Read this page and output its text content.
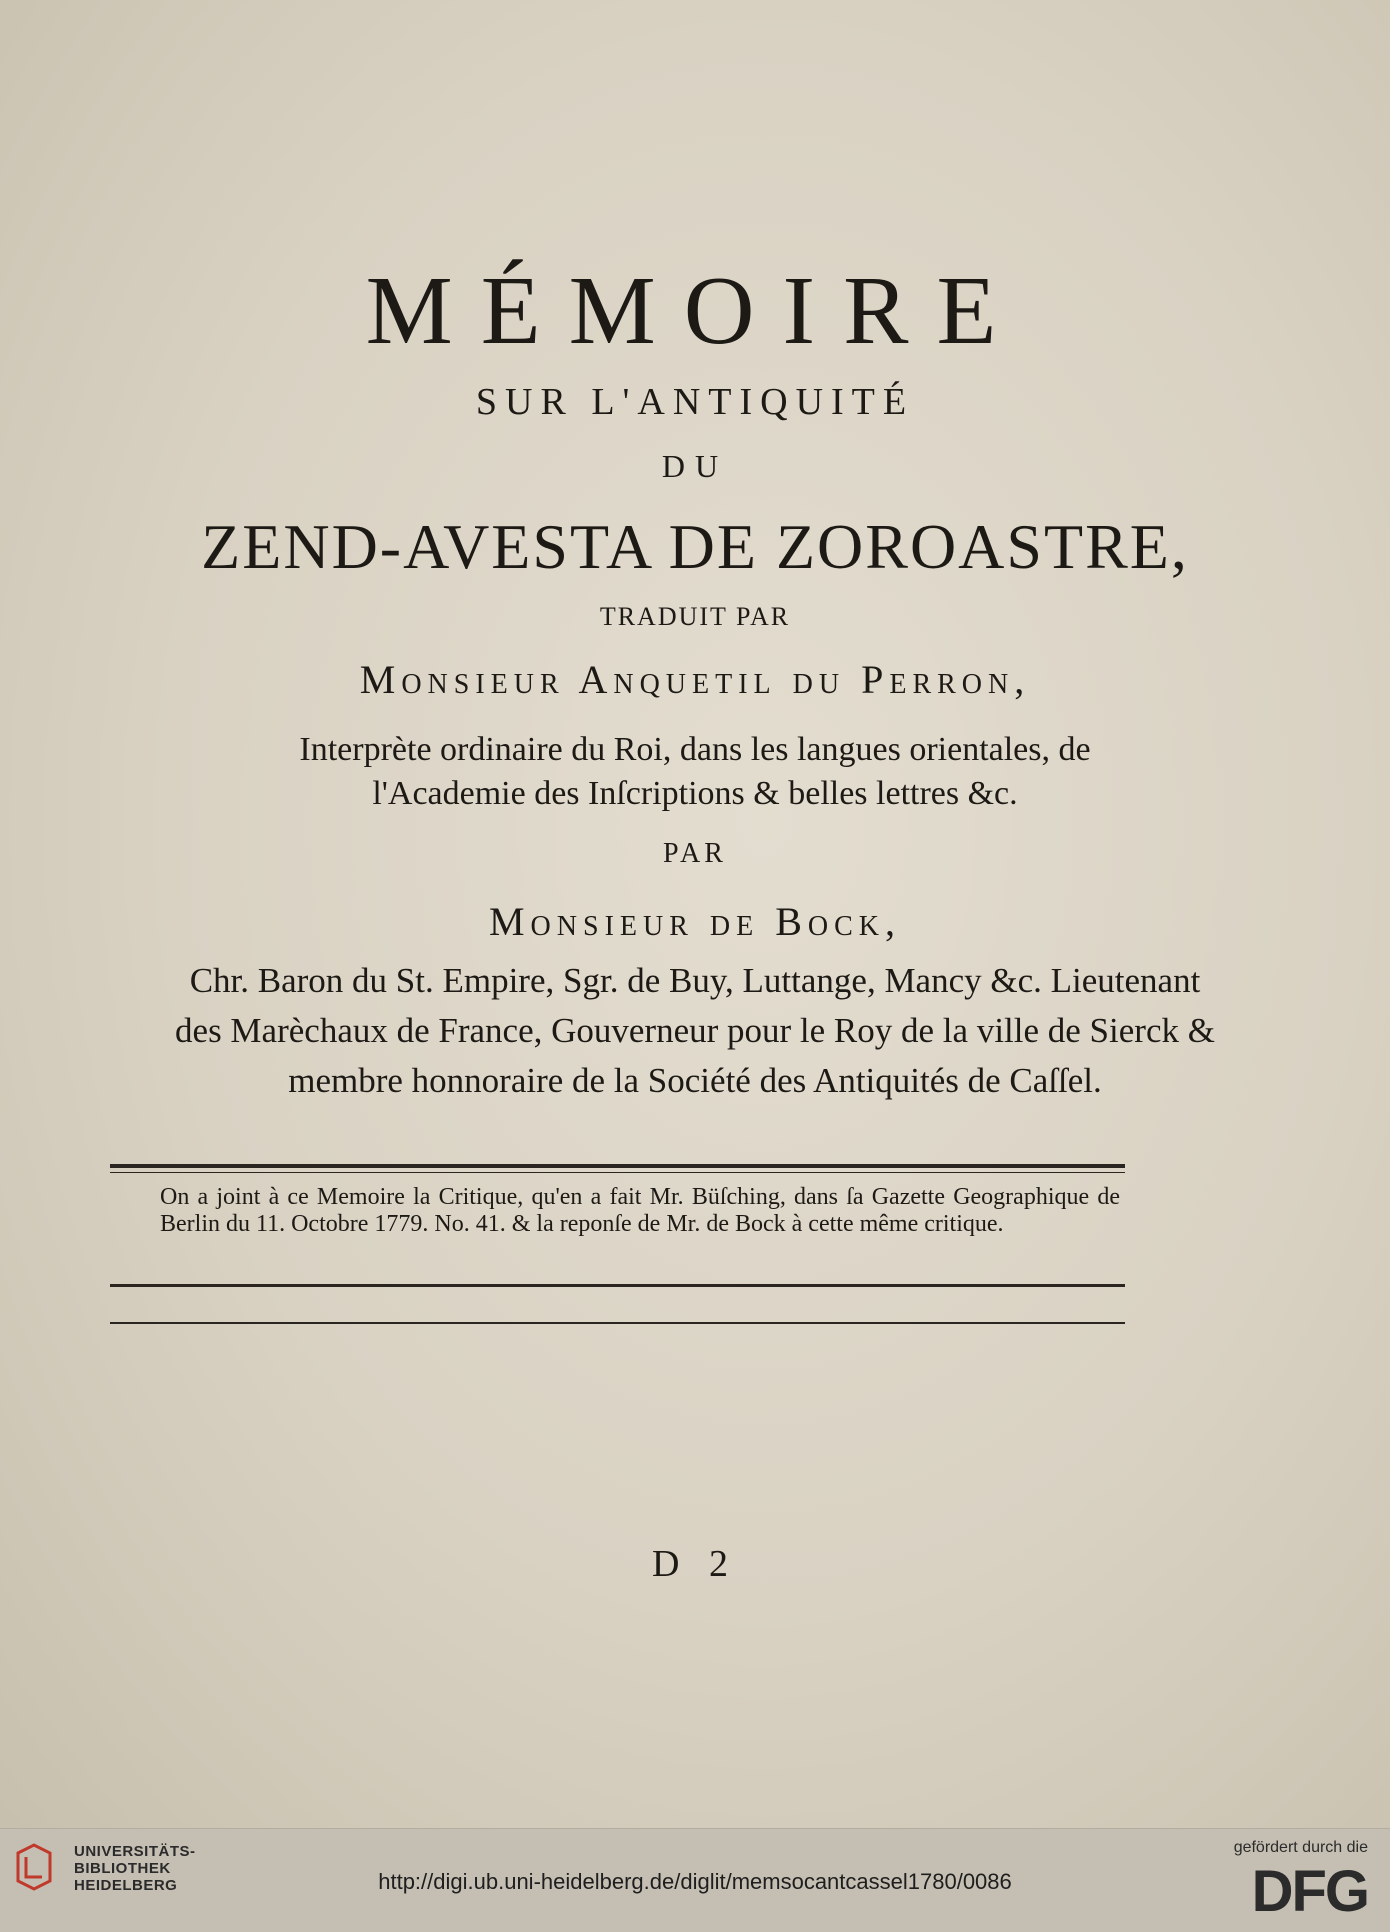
MÉMOIRE
SUR L'ANTIQUITÉ
DU
ZEND-AVESTA DE ZOROASTRE,
TRADUIT PAR
Monsieur Anquetil du Perron,
Interprète ordinaire du Roi, dans les langues orientales, de l'Academie des Inſcriptions & belles lettres &c.
PAR
Monsieur de Bock,
Chr. Baron du St. Empire, Sgr. de Buy, Luttange, Mancy &c. Lieutenant des Marèchaux de France, Gouverneur pour le Roy de la ville de Sierck & membre honnoraire de la Société des Antiquités de Caſſel.
On a joint à ce Memoire la Critique, qu'en a fait Mr. Büſching, dans ſa Gazette Geographique de Berlin du 11. Octobre 1779. No. 41. & la reponſe de Mr. de Bock à cette même critique.
D 2
UNIVERSITÄTS-
BIBLIOTHEK
HEIDELBERG	http://digi.ub.uni-heidelberg.de/diglit/memsocantcassel1780/0086
gefördert durch die
DFG
